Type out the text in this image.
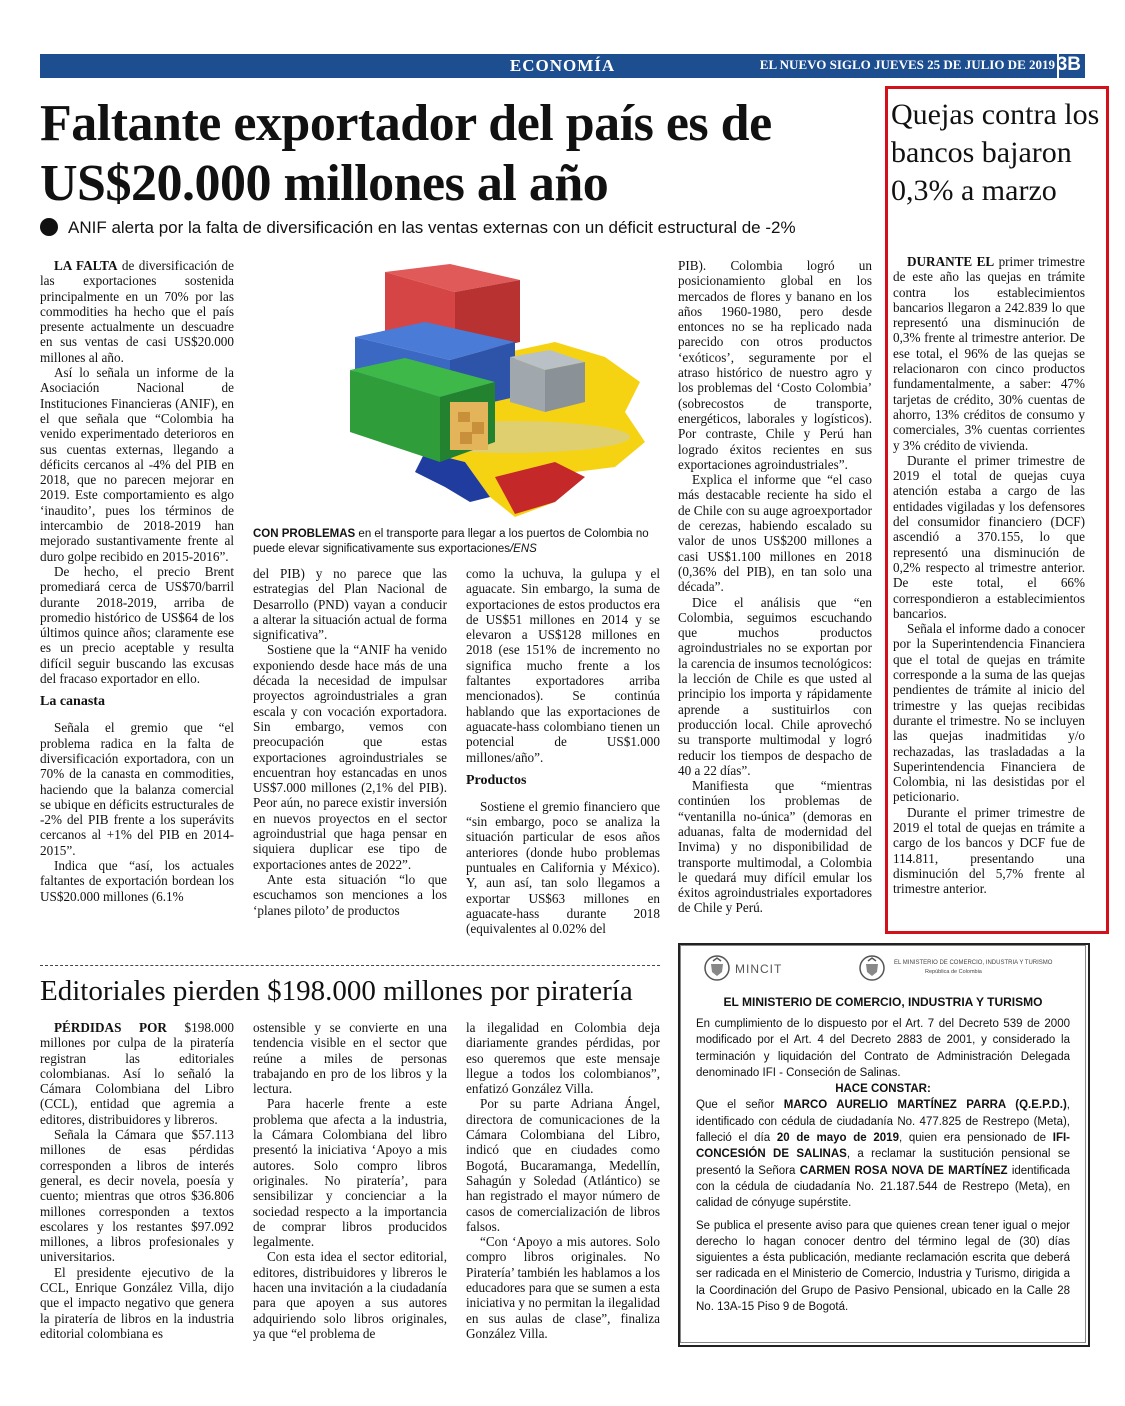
ECONOMÍA	EL NUEVO SIGLO JUEVES 25 DE JULIO DE 2019 3B
Faltante exportador del país es de US$20.000 millones al año
ANIF alerta por la falta de diversificación en las ventas externas con un déficit estructural de -2%

LA FALTA de diversificación de las exportaciones sostenida principalmente en un 70% por las commodities ha hecho que el país presente actualmente un descuadre en sus ventas de casi US$20.000 millones al año.

Así lo señala un informe de la Asociación Nacional de Instituciones Financieras (ANIF), en el que señala que “Colombia ha venido experimentado deterioros en sus cuentas externas, llegando a déficits cercanos al -4% del PIB en 2018, que no parecen mejorar en 2019. Este comportamiento es algo ‘inaudito’, pues los términos de intercambio de 2018-2019 han mejorado sustantivamente frente al duro golpe recibido en 2015-2016”.

De hecho, el precio Brent promediará cerca de US$70/barril durante 2018-2019, arriba de promedio histórico de US$64 de los últimos quince años; claramente ese es un precio aceptable y resulta difícil seguir buscando las excusas del fracaso exportador en ello.

La canasta

Señala el gremio que “el problema radica en la falta de diversificación exportadora, con un 70% de la canasta en commodities, haciendo que la balanza comercial se ubique en déficits estructurales de -2% del PIB frente a los superávits cercanos al +1% del PIB en 2014-2015”.

Indica que “así, los actuales faltantes de exportación bordean los US$20.000 millones (6.1%

CON PROBLEMAS en el transporte para llegar a los puertos de Colombia no puede elevar significativamente sus exportaciones/ENS

del PIB) y no parece que las estrategias del Plan Nacional de Desarrollo (PND) vayan a conducir a alterar la situación actual de forma significativa”.

Sostiene que la “ANIF ha venido exponiendo desde hace más de una década la necesidad de impulsar proyectos agroindustriales a gran escala y con vocación exportadora. Sin embargo, vemos con preocupación que estas exportaciones agroindustriales se encuentran hoy estancadas en unos US$7.000 millones (2,1% del PIB). Peor aún, no parece existir inversión en nuevos proyectos en el sector agroindustrial que haga pensar en siquiera duplicar ese tipo de exportaciones antes de 2022”.

Ante esta situación “lo que escuchamos son menciones a los ‘planes piloto’ de productos

como la uchuva, la gulupa y el aguacate. Sin embargo, la suma de exportaciones de estos productos era de US$51 millones en 2014 y se elevaron a US$128 millones en 2018 (ese 151% de incremento no significa mucho frente a los faltantes exportadores arriba mencionados). Se continúa hablando que las exportaciones de aguacate-hass colombiano tienen un potencial de US$1.000 millones/año”.

Productos

Sostiene el gremio financiero que “sin embargo, poco se analiza la situación particular de esos años anteriores (donde hubo problemas puntuales en California y México). Y, aun así, tan solo llegamos a exportar US$63 millones en aguacate-hass durante 2018 (equivalentes al 0.02% del

PIB). Colombia logró un posicionamiento global en los mercados de flores y banano en los años 1960-1980, pero desde entonces no se ha replicado nada parecido con otros productos ‘exóticos’, seguramente por el atraso histórico de nuestro agro y los problemas del ‘Costo Colombia’ (sobrecostos de transporte, energéticos, laborales y logísticos). Por contraste, Chile y Perú han logrado éxitos recientes en sus exportaciones agroindustriales”.

Explica el informe que “el caso más destacable reciente ha sido el de Chile con su auge agroexportador de cerezas, habiendo escalado su valor de unos US$200 millones a casi US$1.100 millones en 2018 (0,36% del PIB), en tan solo una década”.

Dice el análisis que “en Colombia, seguimos escuchando que muchos productos agroindustriales no se exportan por la carencia de insumos tecnológicos: la lección de Chile es que usted al principio los importa y rápidamente aprende a sustituirlos con producción local. Chile aprovechó su transporte multimodal y logró reducir los tiempos de despacho de 40 a 22 días”.

Manifiesta que “mientras continúen los problemas de “ventanilla no-única” (demoras en aduanas, falta de modernidad del Invima) y no disponibilidad de transporte multimodal, a Colombia le quedará muy difícil emular los éxitos agroindustriales exportadores de Chile y Perú.

Quejas contra los bancos bajaron 0,3% a marzo

DURANTE EL primer trimestre de este año las quejas en trámite contra los establecimientos bancarios llegaron a 242.839 lo que representó una disminución de 0,3% frente al trimestre anterior. De ese total, el 96% de las quejas se relacionaron con cinco productos fundamentalmente, a saber: 47% tarjetas de crédito, 30% cuentas de ahorro, 13% créditos de consumo y comerciales, 3% cuentas corrientes y 3% crédito de vivienda.

Durante el primer trimestre de 2019 el total de quejas cuya atención estaba a cargo de las entidades vigiladas y los defensores del consumidor financiero (DCF) ascendió a 370.155, lo que representó una disminución de 0,2% respecto al trimestre anterior. De este total, el 66% correspondieron a establecimientos bancarios.

Señala el informe dado a conocer por la Superintendencia Financiera que el total de quejas en trámite corresponde a la suma de las quejas pendientes de trámite al inicio del trimestre y las quejas recibidas durante el trimestre. No se incluyen las quejas inadmitidas y/o rechazadas, las trasladadas a la Superintendencia Financiera de Colombia, ni las desistidas por el peticionario.

Durante el primer trimestre de 2019 el total de quejas en trámite a cargo de los bancos y DCF fue de 114.811, presentando una disminución del 5,7% frente al trimestre anterior.

Editoriales pierden $198.000 millones por piratería

PÉRDIDAS POR $198.000 millones por culpa de la piratería registran las editoriales colombianas. Así lo señaló la Cámara Colombiana del Libro (CCL), entidad que agremia a editores, distribuidores y libreros.

Señala la Cámara que $57.113 millones de esas pérdidas corresponden a libros de interés general, es decir novela, poesía y cuento; mientras que otros $36.806 millones corresponden a textos escolares y los restantes $97.092 millones, a libros profesionales y universitarios.

El presidente ejecutivo de la CCL, Enrique González Villa, dijo que el impacto negativo que genera la piratería de libros en la industria editorial colombiana es

ostensible y se convierte en una tendencia visible en el sector que reúne a miles de personas trabajando en pro de los libros y la lectura.

Para hacerle frente a este problema que afecta a la industria, la Cámara Colombiana del libro presentó la iniciativa ‘Apoyo a mis autores. Solo compro libros originales. No piratería’, para sensibilizar y concienciar a la sociedad respecto a la importancia de comprar libros producidos legalmente.

Con esta idea el sector editorial, editores, distribuidores y libreros le hacen una invitación a la ciudadanía para que apoyen a sus autores adquiriendo solo libros originales, ya que “el problema de

la ilegalidad en Colombia deja diariamente grandes pérdidas, por eso queremos que este mensaje llegue a todos los colombianos”, enfatizó González Villa.

Por su parte Adriana Ángel, directora de comunicaciones de la Cámara Colombiana del Libro, indicó que en ciudades como Bogotá, Bucaramanga, Medellín, Sahagún y Soledad (Atlántico) se han registrado el mayor número de casos de comercialización de libros falsos.

“Con ‘Apoyo a mis autores. Solo compro libros originales. No Piratería’ también les hablamos a los educadores para que se sumen a esta iniciativa y no permitan la ilegalidad en sus aulas de clase”, finaliza González Villa.

MINCIT	EL MINISTERIO DE COMERCIO, INDUSTRIA Y TURISMO
República de Colombia
EL MINISTERIO DE COMERCIO, INDUSTRIA Y TURISMO

En cumplimiento de lo dispuesto por el Art. 7 del Decreto 539 de 2000 modificado por el Art. 4 del Decreto 2883 de 2001, y considerado la terminación y liquidación del Contrato de Administración Delegada denominado IFI - Conseción de Salinas.

HACE CONSTAR:

Que el señor MARCO AURELIO MARTÍNEZ PARRA (Q.E.P.D.), identificado con cédula de ciudadanía No. 477.825 de Restrepo (Meta), falleció el día 20 de mayo de 2019, quien era pensionado de IFI-CONCESIÓN DE SALINAS, a reclamar la sustitución pensional se presentó la Señora CARMEN ROSA NOVA DE MARTÍNEZ identificada con la cédula de ciudadanía No. 21.187.544 de Restrepo (Meta), en calidad de cónyuge supérstite.

Se publica el presente aviso para que quienes crean tener igual o mejor derecho lo hagan conocer dentro del término legal de (30) días siguientes a ésta publicación, mediante reclamación escrita que deberá ser radicada en el Ministerio de Comercio, Industria y Turismo, dirigida a la Coordinación del Grupo de Pasivo Pensional, ubicado en la Calle 28 No. 13A-15 Piso 9 de Bogotá.
